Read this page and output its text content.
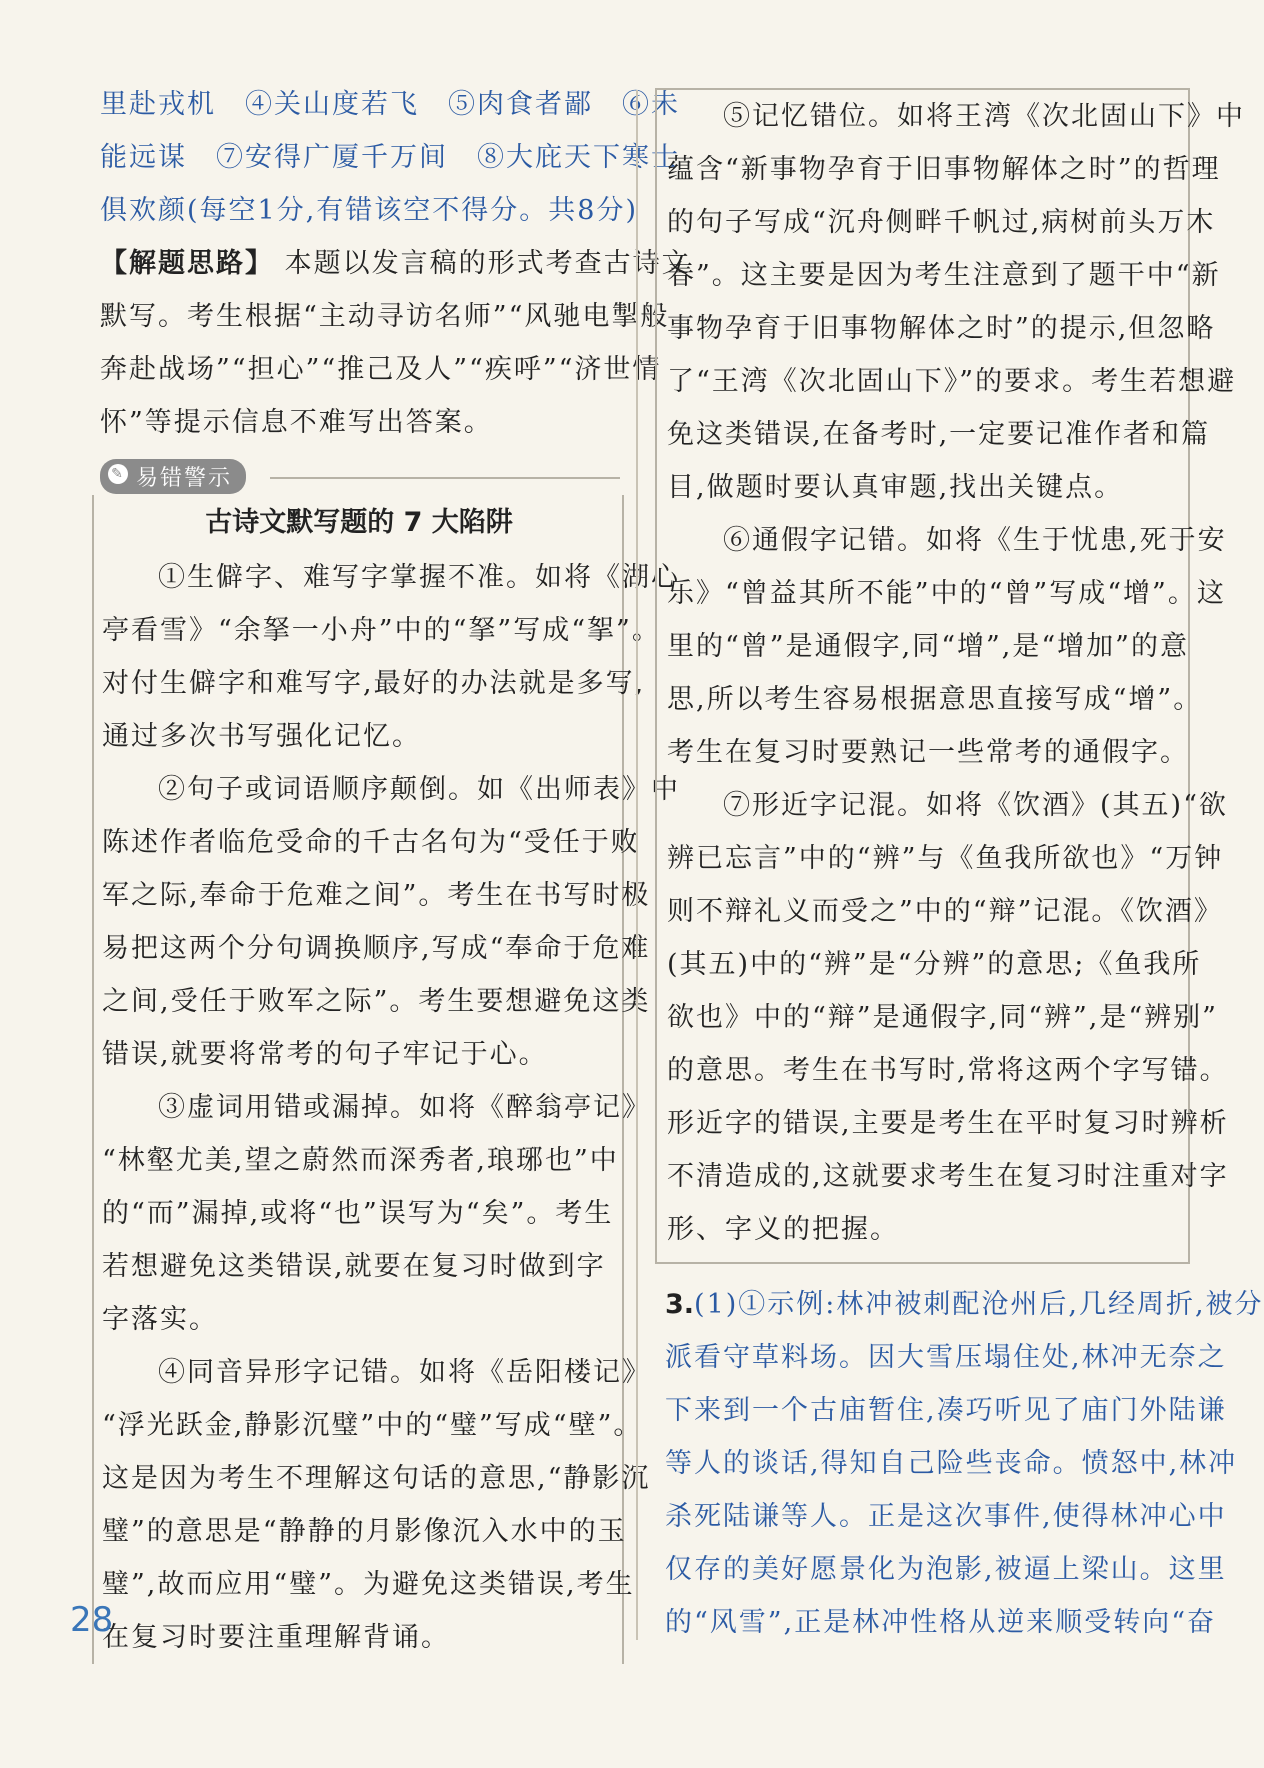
里赴戎机　④关山度若飞　⑤肉食者鄙　⑥未
能远谋　⑦安得广厦千万间　⑧大庇天下寒士
俱欢颜(每空1分,有错该空不得分。共8分)
【解题思路】 本题以发言稿的形式考查古诗文
默写。考生根据“主动寻访名师”“风驰电掣般
奔赴战场”“担心”“推己及人”“疾呼”“济世情
怀”等提示信息不难写出答案。
✎ 易错警示
古诗文默写题的 7 大陷阱
①生僻字、难写字掌握不准。如将《湖心
亭看雪》“余拏一小舟”中的“拏”写成“挐”。
对付生僻字和难写字,最好的办法就是多写,
通过多次书写强化记忆。
②句子或词语顺序颠倒。如《出师表》中
陈述作者临危受命的千古名句为“受任于败
军之际,奉命于危难之间”。考生在书写时极
易把这两个分句调换顺序,写成“奉命于危难
之间,受任于败军之际”。考生要想避免这类
错误,就要将常考的句子牢记于心。
③虚词用错或漏掉。如将《醉翁亭记》
“林壑尤美,望之蔚然而深秀者,琅琊也”中
的“而”漏掉,或将“也”误写为“矣”。考生
若想避免这类错误,就要在复习时做到字
字落实。
④同音异形字记错。如将《岳阳楼记》
“浮光跃金,静影沉璧”中的“璧”写成“壁”。
这是因为考生不理解这句话的意思,“静影沉
璧”的意思是“静静的月影像沉入水中的玉
璧”,故而应用“璧”。为避免这类错误,考生
在复习时要注重理解背诵。
⑤记忆错位。如将王湾《次北固山下》中
蕴含“新事物孕育于旧事物解体之时”的哲理
的句子写成“沉舟侧畔千帆过,病树前头万木
春”。这主要是因为考生注意到了题干中“新
事物孕育于旧事物解体之时”的提示,但忽略
了“王湾《次北固山下》”的要求。考生若想避
免这类错误,在备考时,一定要记准作者和篇
目,做题时要认真审题,找出关键点。
⑥通假字记错。如将《生于忧患,死于安
乐》“曾益其所不能”中的“曾”写成“增”。这
里的“曾”是通假字,同“增”,是“增加”的意
思,所以考生容易根据意思直接写成“增”。
考生在复习时要熟记一些常考的通假字。
⑦形近字记混。如将《饮酒》(其五)“欲
辨已忘言”中的“辨”与《鱼我所欲也》“万钟
则不辩礼义而受之”中的“辩”记混。《饮酒》
(其五)中的“辨”是“分辨”的意思;《鱼我所
欲也》中的“辩”是通假字,同“辨”,是“辨别”
的意思。考生在书写时,常将这两个字写错。
形近字的错误,主要是考生在平时复习时辨析
不清造成的,这就要求考生在复习时注重对字
形、字义的把握。
3.(1)①示例:林冲被刺配沧州后,几经周折,被分
派看守草料场。因大雪压塌住处,林冲无奈之
下来到一个古庙暂住,凑巧听见了庙门外陆谦
等人的谈话,得知自己险些丧命。愤怒中,林冲
杀死陆谦等人。正是这次事件,使得林冲心中
仅存的美好愿景化为泡影,被逼上梁山。这里
的“风雪”,正是林冲性格从逆来顺受转向“奋
28
